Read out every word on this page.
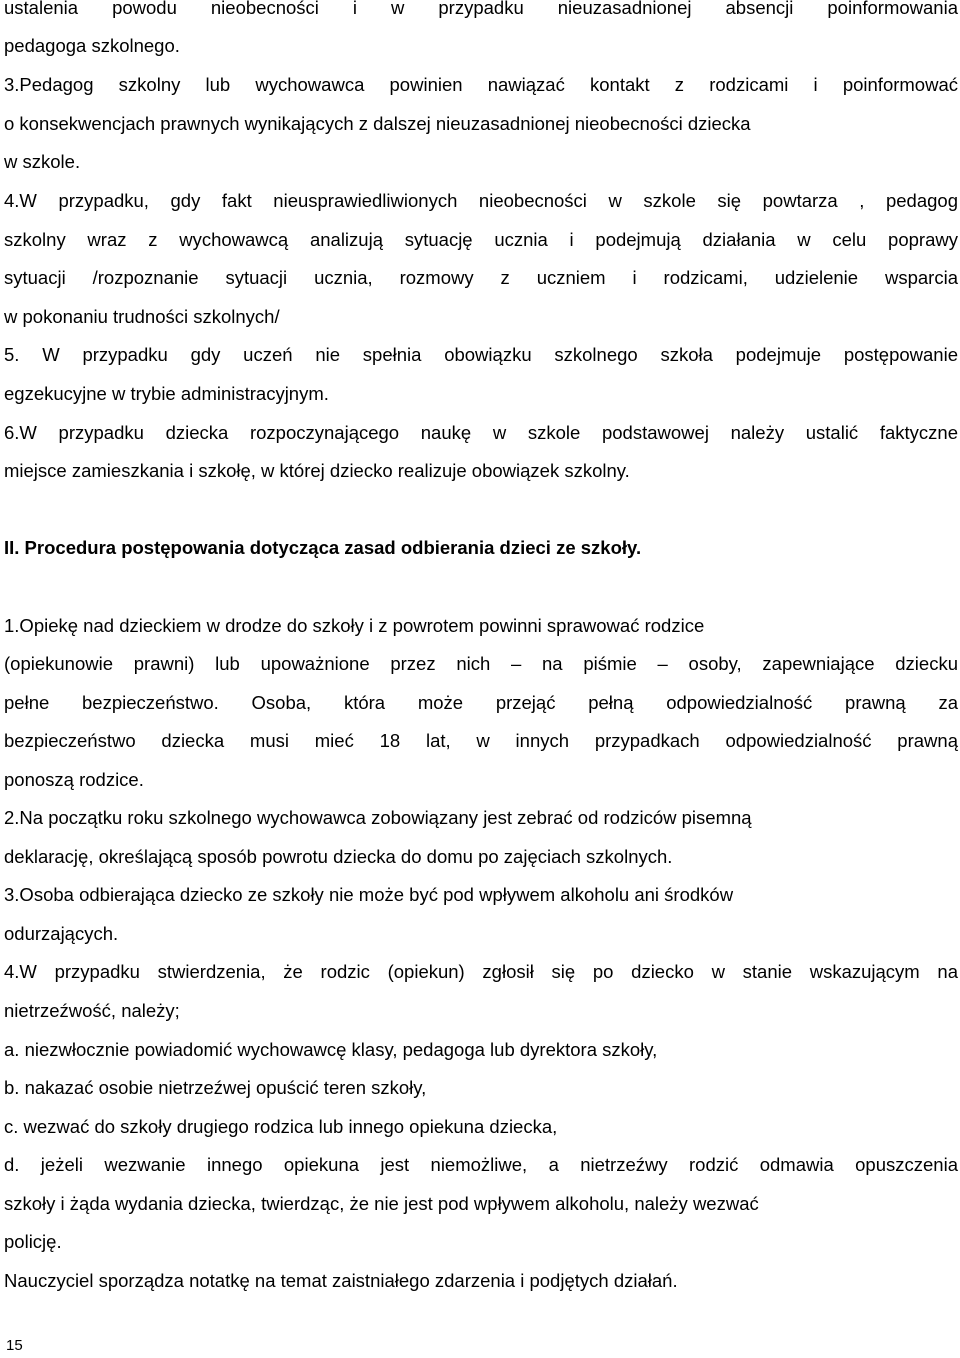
ustalenia powodu nieobecności i w przypadku nieuzasadnionej absencji poinformowania
pedagoga szkolnego.
3.Pedagog szkolny lub wychowawca powinien nawiązać kontakt z rodzicami i poinformować
o konsekwencjach prawnych wynikających z dalszej nieuzasadnionej nieobecności dziecka
w szkole.
4.W przypadku, gdy fakt nieusprawiedliwionych nieobecności w szkole się powtarza , pedagog
szkolny wraz z wychowawcą analizują sytuację ucznia i podejmują działania w celu poprawy
sytuacji /rozpoznanie sytuacji ucznia, rozmowy z uczniem i rodzicami, udzielenie wsparcia
w pokonaniu trudności szkolnych/
5. W przypadku gdy uczeń nie spełnia obowiązku szkolnego szkoła podejmuje postępowanie
egzekucyjne w trybie administracyjnym.
6.W przypadku dziecka rozpoczynającego naukę w szkole podstawowej należy ustalić faktyczne
miejsce zamieszkania i szkołę, w której dziecko realizuje obowiązek szkolny.
II. Procedura postępowania dotycząca zasad odbierania dzieci ze szkoły.
1.Opiekę nad dzieckiem w drodze do szkoły i z powrotem powinni sprawować rodzice
(opiekunowie prawni) lub upoważnione przez nich – na piśmie – osoby, zapewniające dziecku
pełne bezpieczeństwo. Osoba, która może przejąć pełną odpowiedzialność prawną za
bezpieczeństwo dziecka musi mieć 18 lat, w innych przypadkach odpowiedzialność prawną
ponoszą rodzice.
2.Na początku roku szkolnego wychowawca zobowiązany jest zebrać od rodziców pisemną
deklarację, określającą sposób powrotu dziecka do domu po zajęciach szkolnych.
3.Osoba odbierająca dziecko ze szkoły nie może być pod wpływem alkoholu ani środków
odurzających.
4.W przypadku stwierdzenia, że rodzic (opiekun) zgłosił się po dziecko w stanie wskazującym na
nietrzeźwość, należy;
a. niezwłocznie powiadomić wychowawcę klasy, pedagoga lub dyrektora szkoły,
b. nakazać osobie nietrzeźwej opuścić teren szkoły,
c. wezwać do szkoły drugiego rodzica lub innego opiekuna dziecka,
d. jeżeli wezwanie innego opiekuna jest niemożliwe, a nietrzeźwy rodzić odmawia opuszczenia
szkoły i żąda wydania dziecka, twierdząc, że nie jest pod wpływem alkoholu, należy wezwać
policję.
Nauczyciel sporządza notatkę na temat zaistniałego zdarzenia i podjętych działań.
15
